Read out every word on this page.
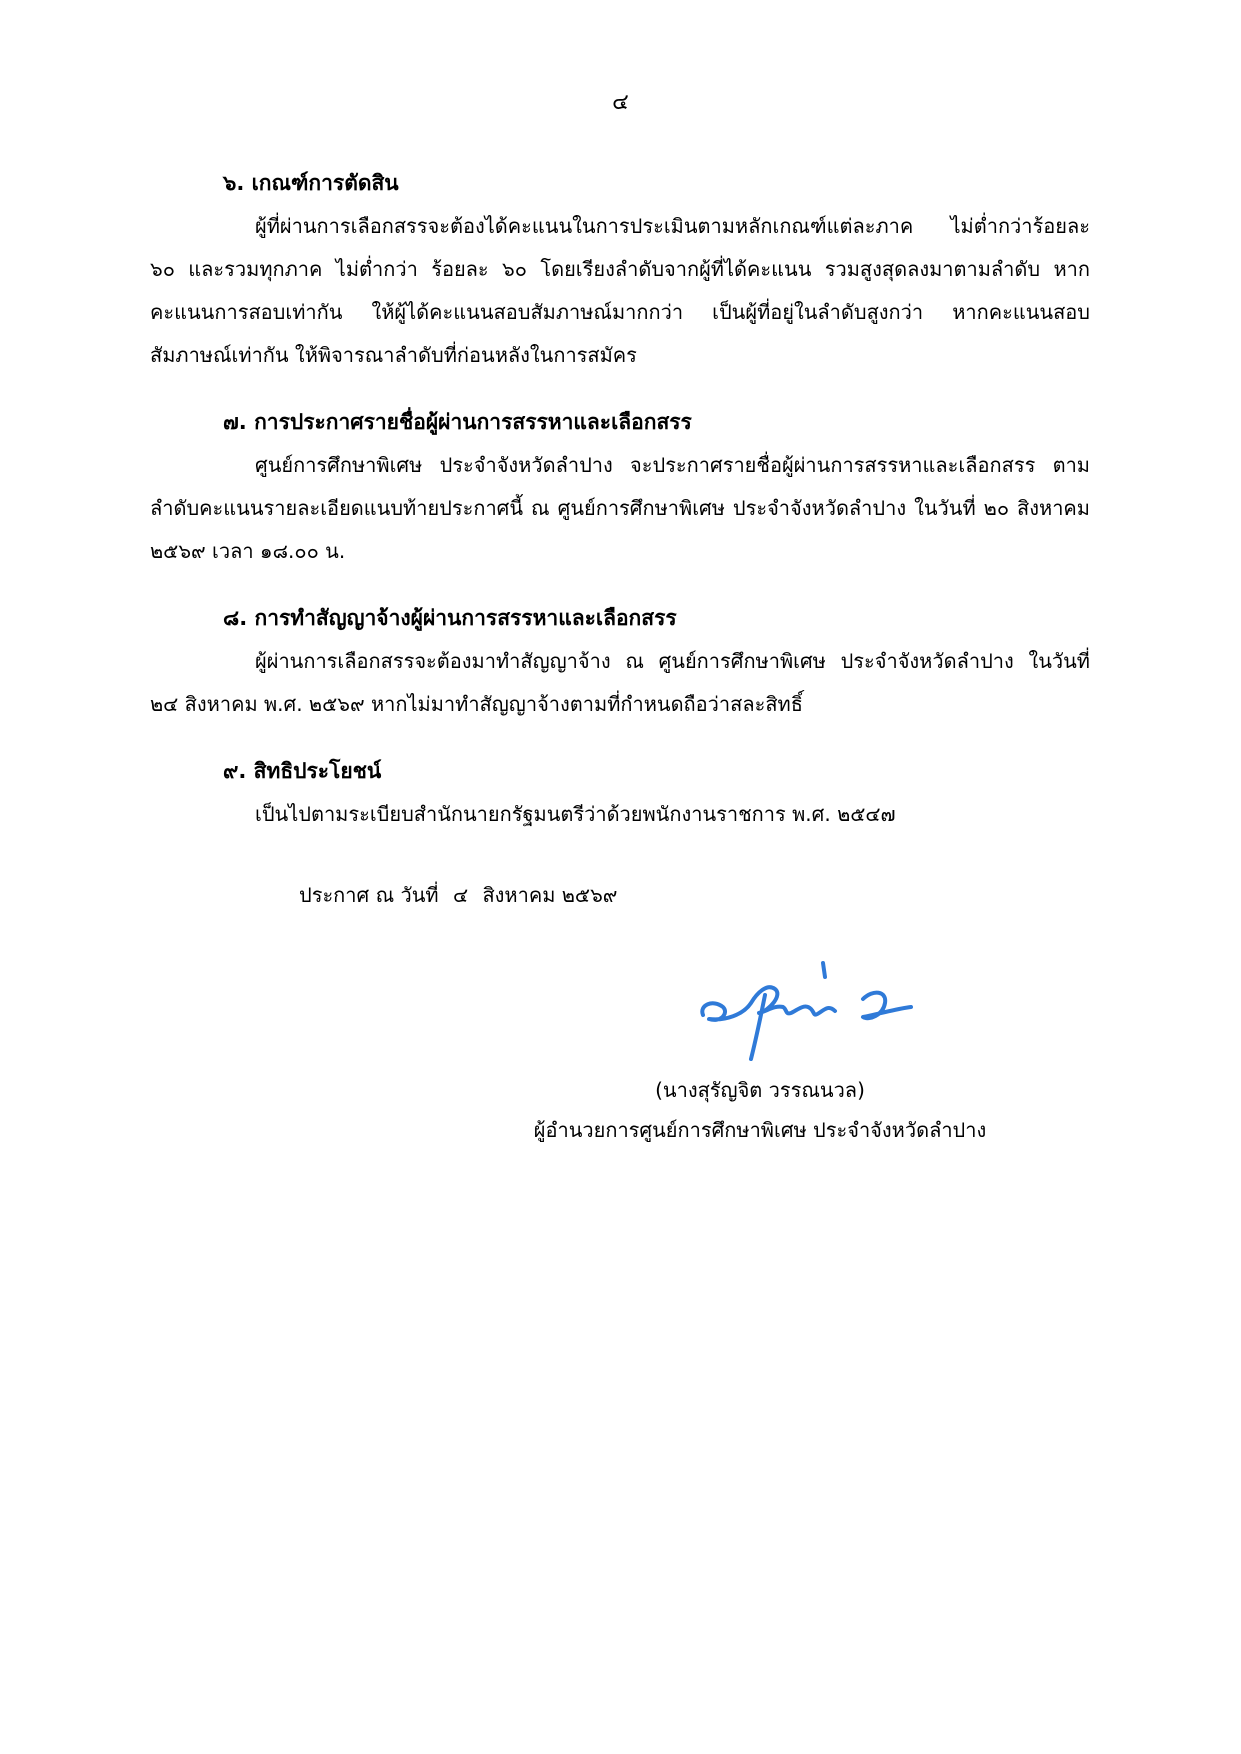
๔

๖. เกณฑ์การตัดสิน

ผู้ที่ผ่านการเลือกสรรจะต้องได้คะแนนในการประเมินตามหลักเกณฑ์แต่ละภาค ไม่ต่ำกว่าร้อยละ ๖๐ และรวมทุกภาค ไม่ต่ำกว่า ร้อยละ ๖๐ โดยเรียงลำดับจากผู้ที่ได้คะแนน รวมสูงสุดลงมาตามลำดับ หากคะแนนการสอบเท่ากัน ให้ผู้ได้คะแนนสอบสัมภาษณ์มากกว่า เป็นผู้ที่อยู่ในลำดับสูงกว่า หากคะแนนสอบสัมภาษณ์เท่ากัน ให้พิจารณาลำดับที่ก่อนหลังในการสมัคร

๗. การประกาศรายชื่อผู้ผ่านการสรรหาและเลือกสรร

ศูนย์การศึกษาพิเศษ ประจำจังหวัดลำปาง จะประกาศรายชื่อผู้ผ่านการสรรหาและเลือกสรร ตามลำดับคะแนนรายละเอียดแนบท้ายประกาศนี้ ณ ศูนย์การศึกษาพิเศษ ประจำจังหวัดลำปาง ในวันที่ ๒๐ สิงหาคม ๒๕๖๙ เวลา ๑๘.๐๐ น.

๘. การทำสัญญาจ้างผู้ผ่านการสรรหาและเลือกสรร

ผู้ผ่านการเลือกสรรจะต้องมาทำสัญญาจ้าง ณ ศูนย์การศึกษาพิเศษ ประจำจังหวัดลำปาง ในวันที่ ๒๔ สิงหาคม พ.ศ. ๒๕๖๙ หากไม่มาทำสัญญาจ้างตามที่กำหนดถือว่าสละสิทธิ์

๙. สิทธิประโยชน์

เป็นไปตามระเบียบสำนักนายกรัฐมนตรีว่าด้วยพนักงานราชการ พ.ศ. ๒๕๔๗

ประกาศ ณ วันที่ ๔ สิงหาคม ๒๕๖๙
(นางสุรัญจิต วรรณนวล)
ผู้อำนวยการศูนย์การศึกษาพิเศษ ประจำจังหวัดลำปาง
